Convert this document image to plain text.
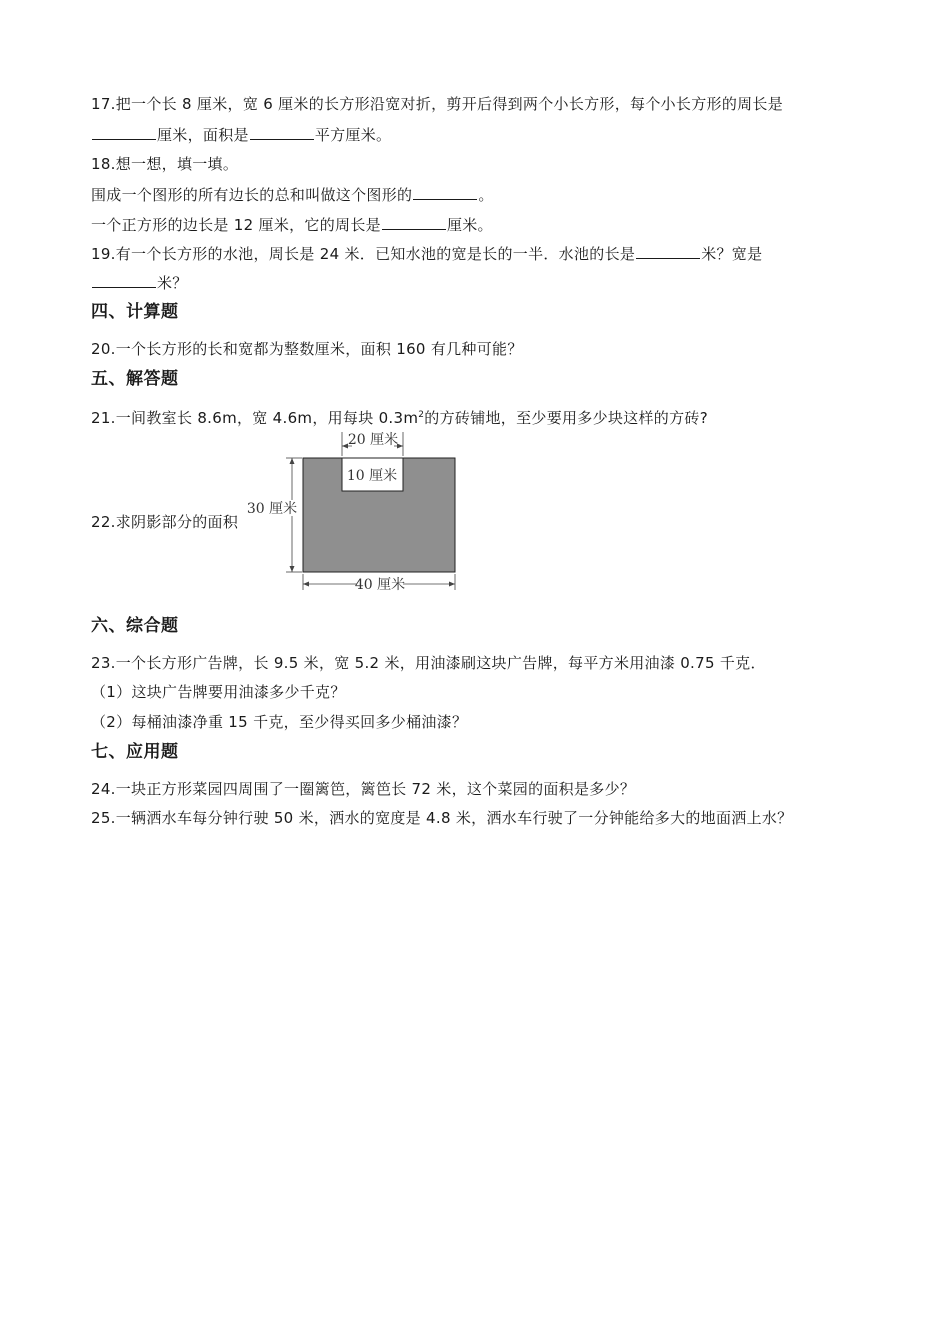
17.把一个长 8 厘米，宽 6 厘米的长方形沿宽对折，剪开后得到两个小长方形，每个小长方形的周长是
厘米，面积是	平方厘米。
18.想一想，填一填。
围成一个图形的所有边长的总和叫做这个图形的	。
一个正方形的边长是 12 厘米，它的周长是	厘米。
19.有一个长方形的水池，周长是 24 米．已知水池的宽是长的一半．水池的长是	米？宽是
米？
四、计算题
20.一个长方形的长和宽都为整数厘米，面积 160 有几种可能？
五、解答题
21.一间教室长 8.6m，宽 4.6m，用每块 $0.3m^2$的方砖铺地，至少要用多少块这样的方砖?
22.求阴影部分的面积
20 厘米
10 厘米
30 厘米
40 厘米
六、综合题
23.一个长方形广告牌，长 9.5 米，宽 5.2 米，用油漆刷这块广告牌，每平方米用油漆 0.75 千克．
（1）这块广告牌要用油漆多少千克？
（2）每桶油漆净重 15 千克，至少得买回多少桶油漆？
七、应用题
24.一块正方形菜园四周围了一圈篱笆，篱笆长 72 米，这个菜园的面积是多少？
25.一辆洒水车每分钟行驶 50 米，洒水的宽度是 4.8 米，洒水车行驶了一分钟能给多大的地面洒上水？
